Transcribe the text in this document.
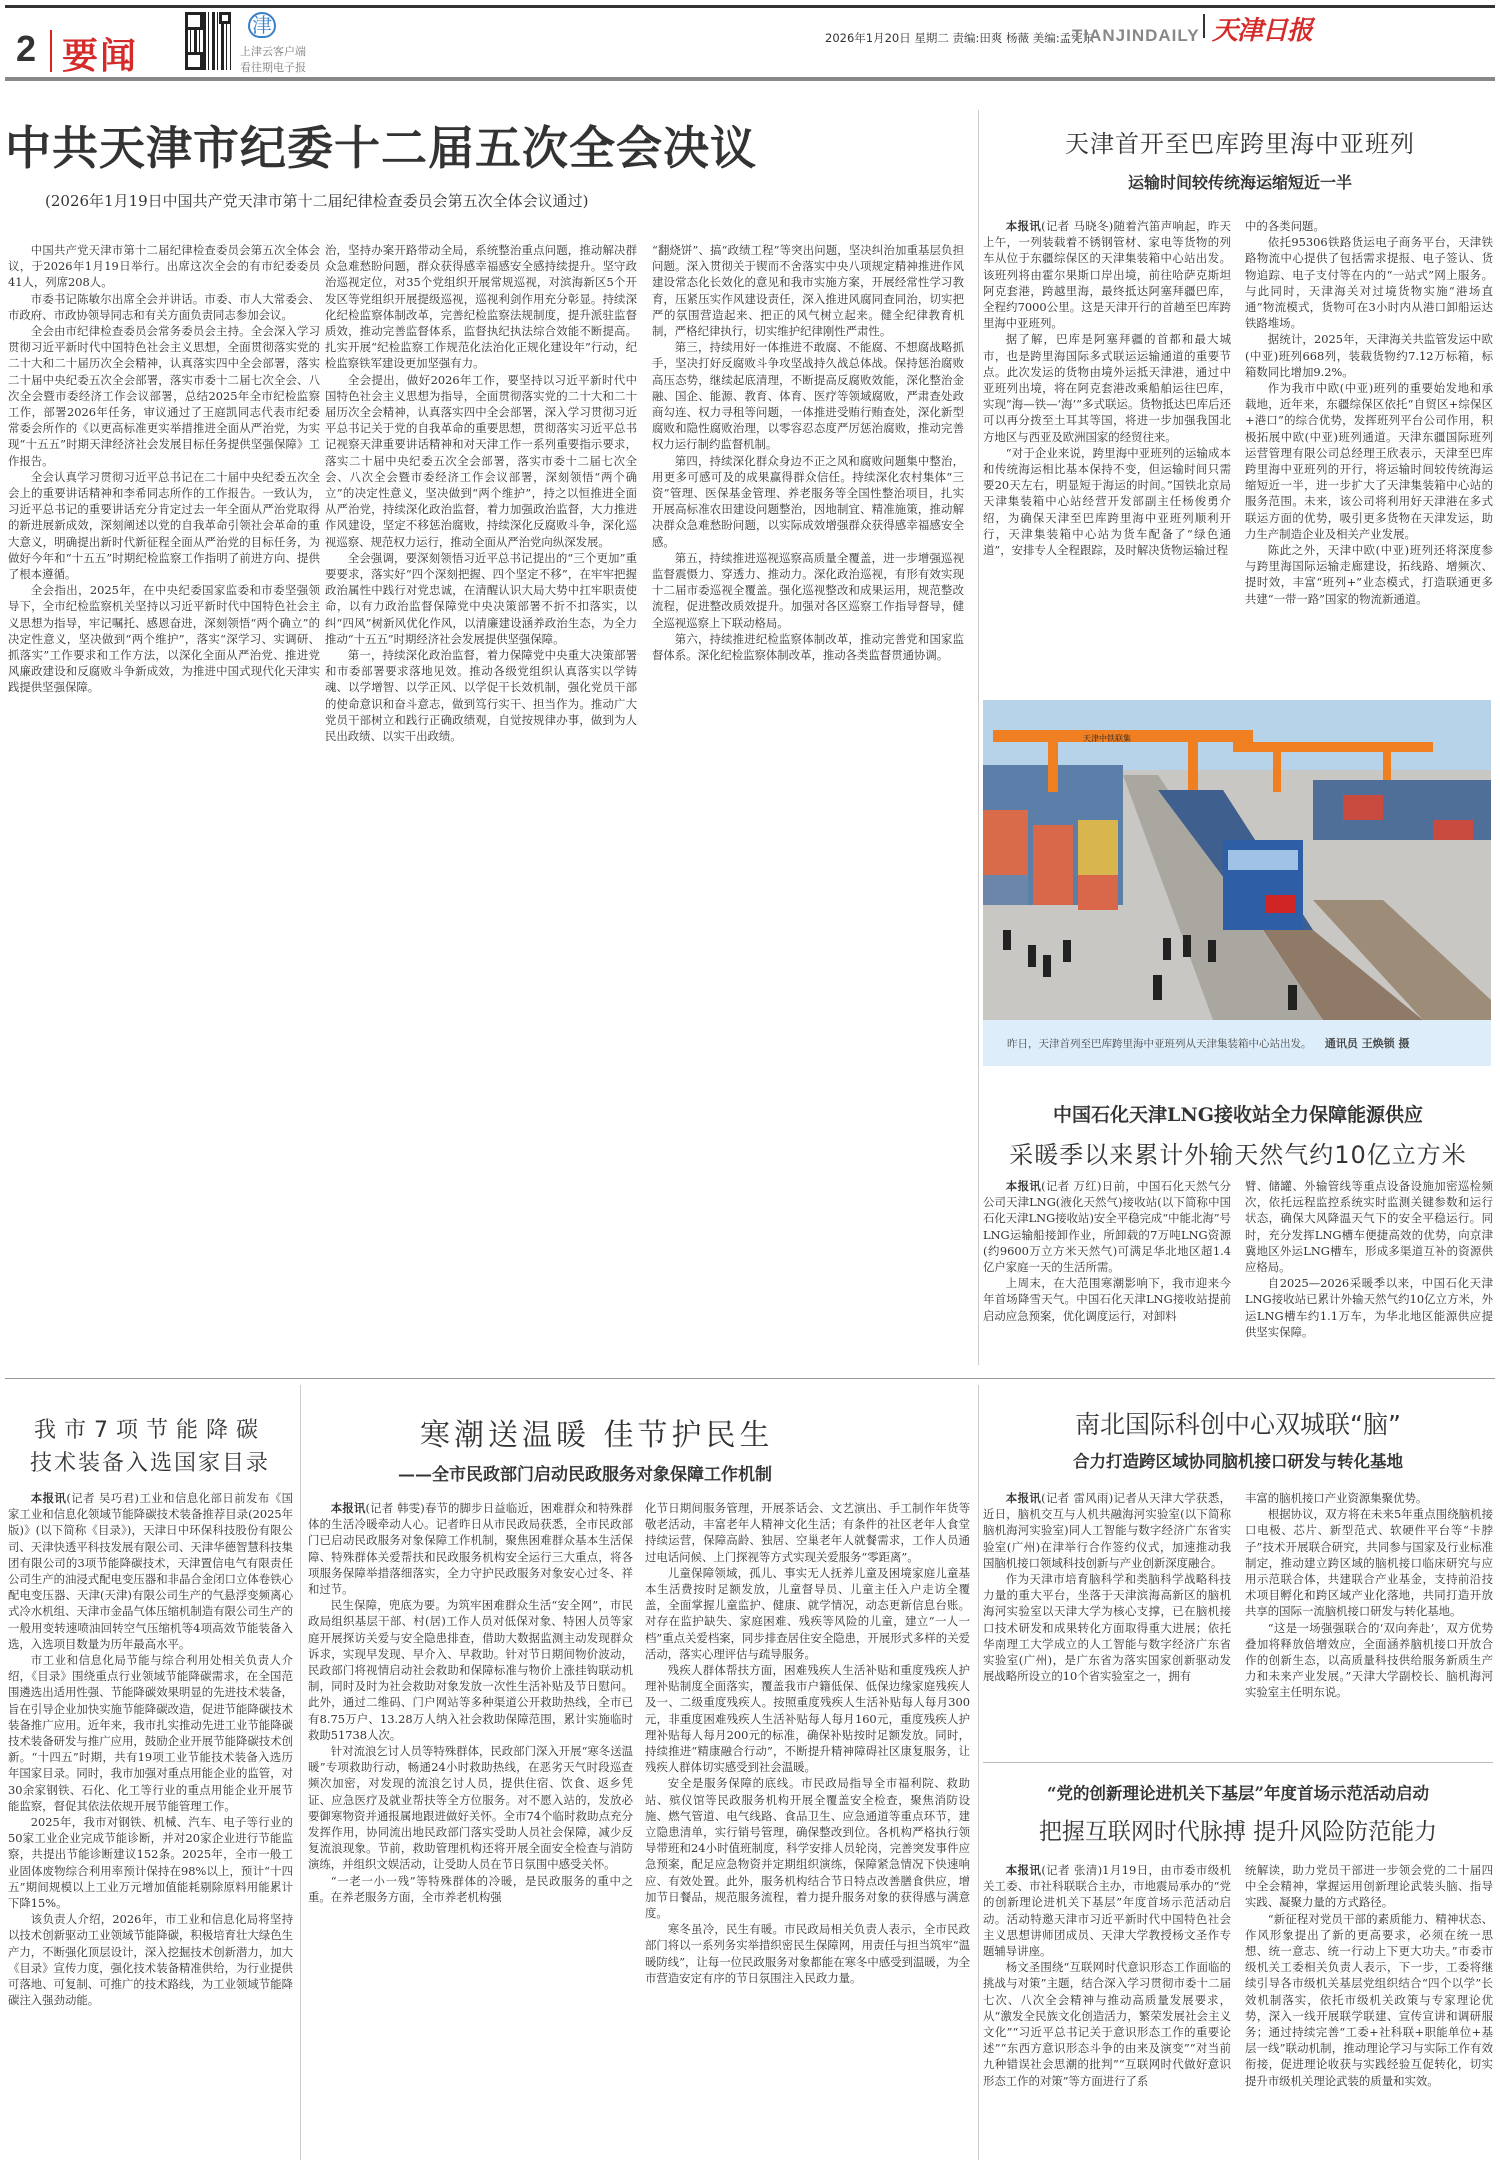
2 要闻
津
上津云客户端
看往期电子报
2026年1月20日 星期二 责编:田爽 杨薇 美编:孟宪东
TIANJINDAILY 天津日报
中共天津市纪委十二届五次全会决议
(2026年1月19日中国共产党天津市第十二届纪律检查委员会第五次全体会议通过)

中国共产党天津市第十二届纪律检查委员会第五次全体会议，于2026年1月19日举行。出席这次全会的有市纪委委员41人，列席208人。

市委书记陈敏尔出席全会并讲话。市委、市人大常委会、市政府、市政协领导同志和有关方面负责同志参加会议。

全会由市纪律检查委员会常务委员会主持。全会深入学习贯彻习近平新时代中国特色社会主义思想，全面贯彻落实党的二十大和二十届历次全会精神，认真落实四中全会部署，落实二十届中央纪委五次全会部署，落实市委十二届七次全会、八次全会暨市委经济工作会议部署，总结2025年全市纪检监察工作，部署2026年任务，审议通过了王庭凯同志代表市纪委常委会所作的《以更高标准更实举措推进全面从严治党，为实现“十五五”时期天津经济社会发展目标任务提供坚强保障》工作报告。

全会认真学习贯彻习近平总书记在二十届中央纪委五次全会上的重要讲话精神和李希同志所作的工作报告。一致认为，习近平总书记的重要讲话充分肯定过去一年全面从严治党取得的新进展新成效，深刻阐述以党的自我革命引领社会革命的重大意义，明确提出新时代新征程全面从严治党的目标任务，为做好今年和“十五五”时期纪检监察工作指明了前进方向、提供了根本遵循。

全会指出，2025年，在中央纪委国家监委和市委坚强领导下，全市纪检监察机关坚持以习近平新时代中国特色社会主义思想为指导，牢记嘱托、感恩奋进，深刻领悟“两个确立”的决定性意义，坚决做到“两个维护”，落实“深学习、实调研、抓落实”工作要求和工作方法，以深化全面从严治党、推进党风廉政建设和反腐败斗争新成效，为推进中国式现代化天津实践提供坚强保障。

治，坚持办案开路带动全局，系统整治重点问题，推动解决群众急难愁盼问题，群众获得感幸福感安全感持续提升。坚守政治巡视定位，对35个党组织开展常规巡视，对滨海新区5个开发区等党组织开展提级巡视，巡视利剑作用充分彰显。持续深化纪检监察体制改革，完善纪检监察法规制度，提升派驻监督质效，推动完善监督体系，监督执纪执法综合效能不断提高。扎实开展“纪检监察工作规范化法治化正规化建设年”行动，纪检监察铁军建设更加坚强有力。

全会提出，做好2026年工作，要坚持以习近平新时代中国特色社会主义思想为指导，全面贯彻落实党的二十大和二十届历次全会精神，认真落实四中全会部署，深入学习贯彻习近平总书记关于党的自我革命的重要思想，贯彻落实习近平总书记视察天津重要讲话精神和对天津工作一系列重要指示要求，落实二十届中央纪委五次全会部署，落实市委十二届七次全会、八次全会暨市委经济工作会议部署，深刻领悟“两个确立”的决定性意义，坚决做到“两个维护”，持之以恒推进全面从严治党，持续深化政治监督，着力加强政治监督，大力推进作风建设，坚定不移惩治腐败，持续深化反腐败斗争，深化巡视巡察、规范权力运行，推动全面从严治党向纵深发展。

全会强调，要深刻领悟习近平总书记提出的“三个更加”重要要求，落实好“四个深刻把握、四个坚定不移”，在牢牢把握政治属性中践行对党忠诚，在清醒认识大局大势中扛牢职责使命，以有力政治监督保障党中央决策部署不折不扣落实，以纠“四风”树新风优化作风，以清廉建设涵养政治生态，为全力推动“十五五”时期经济社会发展提供坚强保障。

第一，持续深化政治监督，着力保障党中央重大决策部署和市委部署要求落地见效。推动各级党组织认真落实以学铸魂、以学增智、以学正风、以学促干长效机制，强化党员干部的使命意识和奋斗意志，做到笃行实干、担当作为。推动广大党员干部树立和践行正确政绩观，自觉按规律办事，做到为人民出政绩、以实干出政绩。

“翻烧饼”、搞“政绩工程”等突出问题，坚决纠治加重基层负担问题。深入贯彻关于锲而不舍落实中央八项规定精神推进作风建设常态化长效化的意见和我市实施方案，开展经常性学习教育，压紧压实作风建设责任，深入推进风腐同查同治，切实把严的氛围营造起来、把正的风气树立起来。健全纪律教育机制，严格纪律执行，切实维护纪律刚性严肃性。

第三，持续用好一体推进不敢腐、不能腐、不想腐战略抓手，坚决打好反腐败斗争攻坚战持久战总体战。保持惩治腐败高压态势，继续起底清理，不断提高反腐败效能，深化整治金融、国企、能源、教育、体育、医疗等领域腐败，严肃查处政商勾连、权力寻租等问题，一体推进受贿行贿查处，深化新型腐败和隐性腐败治理，以零容忍态度严厉惩治腐败，推动完善权力运行制约监督机制。

第四，持续深化群众身边不正之风和腐败问题集中整治，用更多可感可及的成果赢得群众信任。持续深化农村集体“三资”管理、医保基金管理、养老服务等全国性整治项目，扎实开展高标准农田建设问题整治，因地制宜、精准施策，推动解决群众急难愁盼问题，以实际成效增强群众获得感幸福感安全感。

第五，持续推进巡视巡察高质量全覆盖，进一步增强巡视监督震慑力、穿透力、推动力。深化政治巡视，有形有效实现十二届市委巡视全覆盖。强化巡视整改和成果运用，规范整改流程，促进整改质效提升。加强对各区巡察工作指导督导，健全巡视巡察上下联动格局。

第六，持续推进纪检监察体制改革，推动完善党和国家监督体系。深化纪检监察体制改革，推动各类监督贯通协调。

天津首开至巴库跨里海中亚班列
运输时间较传统海运缩短近一半

本报讯(记者 马晓冬)随着汽笛声响起，昨天上午，一列装载着不锈钢管材、家电等货物的列车从位于东疆综保区的天津集装箱中心站出发。该班列将由霍尔果斯口岸出境，前往哈萨克斯坦阿克套港，跨越里海，最终抵达阿塞拜疆巴库，全程约7000公里。这是天津开行的首趟至巴库跨里海中亚班列。

据了解，巴库是阿塞拜疆的首都和最大城市，也是跨里海国际多式联运运输通道的重要节点。此次发运的货物由境外运抵天津港，通过中亚班列出境，将在阿克套港改乘船舶运往巴库，实现“海—铁—‘海’”多式联运。货物抵达巴库后还可以再分拨至土耳其等国，将进一步加强我国北方地区与西亚及欧洲国家的经贸往来。

“对于企业来说，跨里海中亚班列的运输成本和传统海运相比基本保持不变，但运输时间只需要20天左右，明显短于海运的时间。”国铁北京局天津集装箱中心站经营开发部副主任杨俊勇介绍，为确保天津至巴库跨里海中亚班列顺利开行，天津集装箱中心站为货车配备了“绿色通道”，安排专人全程跟踪，及时解决货物运输过程

中的各类问题。

依托95306铁路货运电子商务平台，天津铁路物流中心提供了包括需求提报、电子签认、货物追踪、电子支付等在内的“一站式”网上服务。与此同时，天津海关对过境货物实施“港场直通”物流模式，货物可在3小时内从港口卸船运达铁路堆场。

据统计，2025年，天津海关共监管发运中欧(中亚)班列668列，装载货物约7.12万标箱，标箱数同比增加9.2%。

作为我市中欧(中亚)班列的重要始发地和承载地，近年来，东疆综保区依托“自贸区+综保区+港口”的综合优势，发挥班列平台公司作用，积极拓展中欧(中亚)班列通道。天津东疆国际班列运营管理有限公司总经理王欣表示，天津至巴库跨里海中亚班列的开行，将运输时间较传统海运缩短近一半，进一步扩大了天津集装箱中心站的服务范围。未来，该公司将利用好天津港在多式联运方面的优势，吸引更多货物在天津发运，助力生产制造企业及相关产业发展。

陈此之外，天津中欧(中亚)班列还将深度参与跨里海国际运输走廊建设，拓线路、增频次、提时效，丰富“班列+”业态模式，打造联通更多共建“一带一路”国家的物流新通道。

天津中铁联集
昨日，天津首列至巴库跨里海中亚班列从天津集装箱中心站出发。 通讯员 王焕锁 摄
中国石化天津LNG接收站全力保障能源供应
采暖季以来累计外输天然气约10亿立方米

本报讯(记者 万红)日前，中国石化天然气分公司天津LNG(液化天然气)接收站(以下简称中国石化天津LNG接收站)安全平稳完成“中能北海”号LNG运输船接卸作业，所卸载的7万吨LNG资源(约9600万立方米天然气)可满足华北地区超1.4亿户家庭一天的生活所需。

上周末，在大范围寒潮影响下，我市迎来今年首场降雪天气。中国石化天津LNG接收站提前启动应急预案，优化调度运行，对卸料

臂、储罐、外输管线等重点设备设施加密巡检频次，依托远程监控系统实时监测关键参数和运行状态，确保大风降温天气下的安全平稳运行。同时，充分发挥LNG槽车便捷高效的优势，向京津冀地区外运LNG槽车，形成多渠道互补的资源供应格局。

自2025—2026采暖季以来，中国石化天津LNG接收站已累计外输天然气约10亿立方米，外运LNG槽车约1.1万车，为华北地区能源供应提供坚实保障。

我市7项节能降碳
技术装备入选国家目录

本报讯(记者 吴巧君)工业和信息化部日前发布《国家工业和信息化领域节能降碳技术装备推荐目录(2025年版)》(以下简称《目录》)，天津日中环保科技股份有限公司、天津快透平科技发展有限公司、天津华德智慧科技集团有限公司的3项节能降碳技术，天津置信电气有限责任公司生产的油浸式配电变压器和非晶合金闭口立体卷铁心配电变压器、天津(天津)有限公司生产的气悬浮变频离心式冷水机组、天津市金晶气体压缩机制造有限公司生产的一般用变转速喷油回转空气压缩机等4项高效节能装备入选，入选项目数量为历年最高水平。

市工业和信息化局节能与综合利用处相关负责人介绍，《目录》围绕重点行业领域节能降碳需求，在全国范围遴选出适用性强、节能降碳效果明显的先进技术装备，旨在引导企业加快实施节能降碳改造，促进节能降碳技术装备推广应用。近年来，我市扎实推动先进工业节能降碳技术装备研发与推广应用，鼓励企业开展节能降碳技术创新。“十四五”时期，共有19项工业节能技术装备入选历年国家目录。同时，我市加强对重点用能企业的监管，对30余家钢铁、石化、化工等行业的重点用能企业开展节能监察，督促其依法依规开展节能管理工作。

2025年，我市对钢铁、机械、汽车、电子等行业的50家工业企业完成节能诊断，并对20家企业进行节能监察，共提出节能诊断建议152条。2025年，全市一般工业固体废物综合利用率预计保持在98%以上，预计“十四五”期间规模以上工业万元增加值能耗剔除原料用能累计下降15%。

该负责人介绍，2026年，市工业和信息化局将坚持以技术创新驱动工业领域节能降碳，积极培育壮大绿色生产力，不断强化顶层设计，深入挖掘技术创新潜力，加大《目录》宣传力度，强化技术装备精准供给，为行业提供可落地、可复制、可推广的技术路线，为工业领域节能降碳注入强劲动能。

寒潮送温暖 佳节护民生
——全市民政部门启动民政服务对象保障工作机制

本报讯(记者 韩雯)春节的脚步日益临近，困难群众和特殊群体的生活冷暖牵动人心。记者昨日从市民政局获悉，全市民政部门已启动民政服务对象保障工作机制，聚焦困难群众基本生活保障、特殊群体关爱帮扶和民政服务机构安全运行三大重点，将各项服务保障举措落细落实，全力守护民政服务对象安心过冬、祥和过节。

民生保障，兜底为要。为筑牢困难群众生活“安全网”，市民政局组织基层干部、村(居)工作人员对低保对象、特困人员等家庭开展探访关爱与安全隐患排查，借助大数据监测主动发现群众诉求，实现早发现、早介入、早救助。针对节日期间物价波动，民政部门将视情启动社会救助和保障标准与物价上涨挂钩联动机制，同时及时为社会救助对象发放一次性生活补贴及节日慰问。此外，通过二维码、门户网站等多种渠道公开救助热线，全市已有8.75万户、13.28万人纳入社会救助保障范围，累计实施临时救助51738人次。

针对流浪乞讨人员等特殊群体，民政部门深入开展“寒冬送温暖”专项救助行动，畅通24小时救助热线，在恶劣天气时段巡查频次加密，对发现的流浪乞讨人员，提供住宿、饮食、返乡凭证、应急医疗及就业帮扶等全方位服务。对不愿入站的，发放必要御寒物资并通报属地跟进做好关怀。全市74个临时救助点充分发挥作用，协同流出地民政部门落实受助人员社会保障，减少反复流浪现象。节前，救助管理机构还将开展全面安全检查与消防演练，并组织文娱活动，让受助人员在节日氛围中感受关怀。

“一老一小一残”等特殊群体的冷暖，是民政服务的重中之重。在养老服务方面，全市养老机构强

化节日期间服务管理，开展茶话会、文艺演出、手工制作年货等敬老活动，丰富老年人精神文化生活；有条件的社区老年人食堂持续运营，保障高龄、独居、空巢老年人就餐需求，工作人员通过电话问候、上门探视等方式实现关爱服务“零距离”。

儿童保障领域，孤儿、事实无人抚养儿童及困境家庭儿童基本生活费按时足额发放，儿童督导员、儿童主任入户走访全覆盖，全面掌握儿童监护、健康、就学情况，动态更新信息台账。对存在监护缺失、家庭困难、残疾等风险的儿童，建立“一人一档”重点关爱档案，同步排查居住安全隐患，开展形式多样的关爱活动，落实心理评估与疏导服务。

残疾人群体帮扶方面，困难残疾人生活补贴和重度残疾人护理补贴制度全面落实，覆盖我市户籍低保、低保边缘家庭残疾人及一、二级重度残疾人。按照重度残疾人生活补贴每人每月300元，非重度困难残疾人生活补贴每人每月160元，重度残疾人护理补贴每人每月200元的标准，确保补贴按时足额发放。同时，持续推进“精康融合行动”，不断提升精神障碍社区康复服务，让残疾人群体切实感受到社会温暖。

安全是服务保障的底线。市民政局指导全市福利院、救助站、殡仪馆等民政服务机构开展全覆盖安全检查，聚焦消防设施、燃气管道、电气线路、食品卫生、应急通道等重点环节，建立隐患清单，实行销号管理，确保整改到位。各机构严格执行领导带班和24小时值班制度，科学安排人员轮岗，完善突发事件应急预案，配足应急物资并定期组织演练，保障紧急情况下快速响应、有效处置。此外，服务机构结合节日特点改善膳食供应，增加节日餐品，规范服务流程，着力提升服务对象的获得感与满意度。

寒冬虽冷，民生有暖。市民政局相关负责人表示，全市民政部门将以一系列务实举措织密民生保障网，用责任与担当筑牢“温暖防线”，让每一位民政服务对象都能在寒冬中感受到温暖，为全市营造安定有序的节日氛围注入民政力量。

南北国际科创中心双城联“脑”
合力打造跨区域协同脑机接口研发与转化基地

本报讯(记者 雷风雨)记者从天津大学获悉，近日，脑机交互与人机共融海河实验室(以下简称脑机海河实验室)同人工智能与数字经济广东省实验室(广州)在津举行合作签约仪式，加速推动我国脑机接口领域科技创新与产业创新深度融合。

作为天津市培育脑科学和类脑科学战略科技力量的重大平台，坐落于天津滨海高新区的脑机海河实验室以天津大学为核心支撑，已在脑机接口技术研发和成果转化方面取得重大进展；依托华南理工大学成立的人工智能与数字经济广东省实验室(广州)，是广东省为落实国家创新驱动发展战略所设立的10个省实验室之一，拥有

丰富的脑机接口产业资源集聚优势。

根据协议，双方将在未来5年重点围绕脑机接口电极、芯片、新型范式、软硬件平台等“卡脖子”技术开展联合研究，共同参与国家及行业标准制定，推动建立跨区域的脑机接口临床研究与应用示范联合体，共建联合产业基金，支持前沿技术项目孵化和跨区域产业化落地，共同打造开放共享的国际一流脑机接口研发与转化基地。

“这是一场强强联合的‘双向奔赴’，双方优势叠加将释放倍增效应，全面涵养脑机接口开放合作的创新生态，以高质量科技供给服务新质生产力和未来产业发展。”天津大学副校长、脑机海河实验室主任明东说。

“党的创新理论进机关下基层”年度首场示范活动启动
把握互联网时代脉搏 提升风险防范能力

本报讯(记者 张清)1月19日，由市委市级机关工委、市社科联联合主办，市地震局承办的“党的创新理论进机关下基层”年度首场示范活动启动。活动特邀天津市习近平新时代中国特色社会主义思想讲师团成员、天津大学教授杨文圣作专题辅导讲座。

杨文圣围绕“互联网时代意识形态工作面临的挑战与对策”主题，结合深入学习贯彻市委十二届七次、八次全会精神与推动高质量发展要求，从“激发全民族文化创造活力，繁荣发展社会主义文化”“习近平总书记关于意识形态工作的重要论述”“东西方意识形态斗争的由来及演变”“对当前九种错误社会思潮的批判”“互联网时代做好意识形态工作的对策”等方面进行了系

统解读，助力党员干部进一步领会党的二十届四中全会精神，掌握运用创新理论武装头脑、指导实践、凝聚力量的方式路径。

“新征程对党员干部的素质能力、精神状态、作风形象提出了新的更高要求，必须在统一思想、统一意志、统一行动上下更大功夫。”市委市级机关工委相关负责人表示，下一步，工委将继续引导各市级机关基层党组织结合“四个以学”长效机制落实，依托市级机关政策与专家理论优势，深入一线开展联学联建、宣传宣讲和调研服务；通过持续完善“工委+社科联+职能单位+基层一线”联动机制，推动理论学习与实际工作有效衔接，促进理论收获与实践经验互促转化，切实提升市级机关理论武装的质量和实效。
